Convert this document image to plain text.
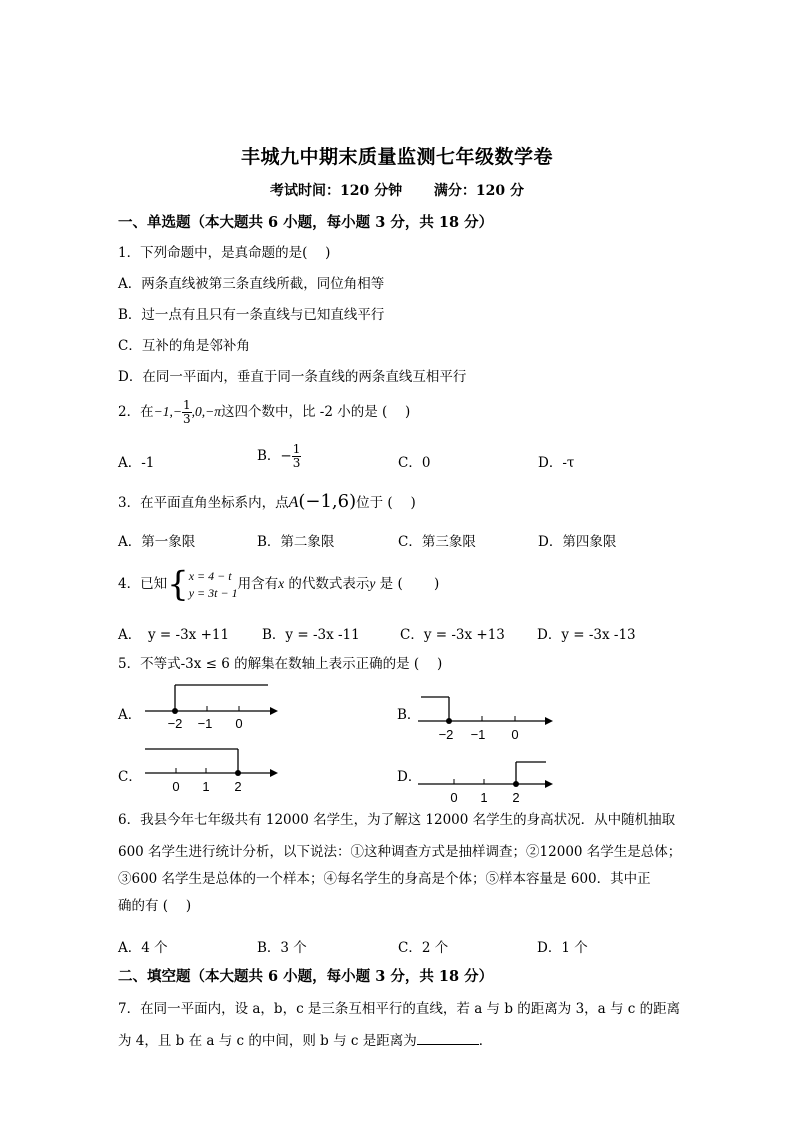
丰城九中期末质量监测七年级数学卷
考试时间：120 分钟 满分：120 分
一、单选题（本大题共 6 小题，每小题 3 分，共 18 分）
1．下列命题中，是真命题的是(　 )
A．两条直线被第三条直线所截，同位角相等
B．过一点有且只有一条直线与已知直线平行
C．互补的角是邻补角
D．在同一平面内，垂直于同一条直线的两条直线互相平行
2．在$-1,- \frac{1}{3} ,0,-\pi$这四个数中，比 -2 小的是 (　 )
A．-1	B．− $\frac{1}{3}$	C．0	D．-τ
3．在平面直角坐标系内，点A(−1,6)位于 (　 )
A．第一象限	B．第二象限	C．第三象限	D．第四象限
4．已知{ x = 4 − t
y = 3t − 1
用含有x 的代数式表示y 是 (　　 )
A．　y = -3x +11 B．y = -3x -11	C．y = -3x +13 D．y = -3x -13
5．不等式-3x ≤ 6 的解集在数轴上表示正确的是 (　 )
A．
−2 −1 0
B．
−2 −1 0
C．
0 1 2
D．
0 1 2
6．我县今年七年级共有 12000 名学生，为了解这 12000 名学生的身高状况．从中随机抽取
600 名学生进行统计分析，以下说法：①这种调查方式是抽样调查；②12000 名学生是总体；
③600 名学生是总体的一个样本；④每名学生的身高是个体；⑤样本容量是 600．其中正
确的有 (　 )
A．4 个	B．3 个	C．2 个	D．1 个
二、填空题（本大题共 6 小题，每小题 3 分，共 18 分）
7．在同一平面内，设 a，b，c 是三条互相平行的直线，若 a 与 b 的距离为 3，a 与 c 的距离
为 4，且 b 在 a 与 c 的中间，则 b 与 c 是距离为	．
